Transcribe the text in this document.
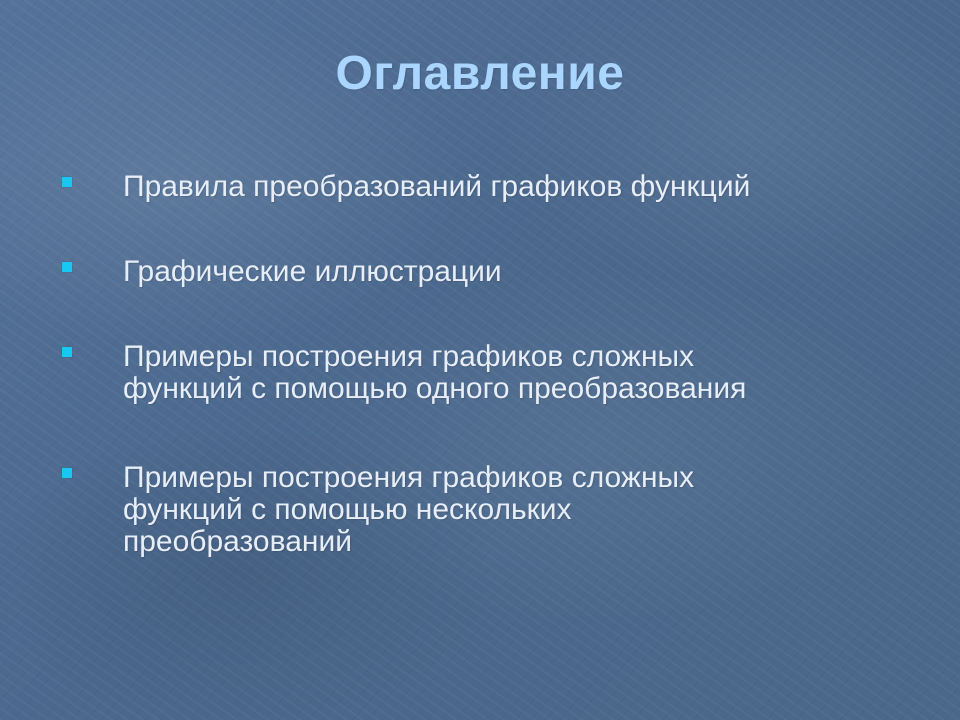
Оглавление
Правила преобразований графиков функций
Графические иллюстрации
Примеры построения графиков сложных
функций с помощью одного преобразования
Примеры построения графиков сложных
функций с помощью нескольких
преобразований
